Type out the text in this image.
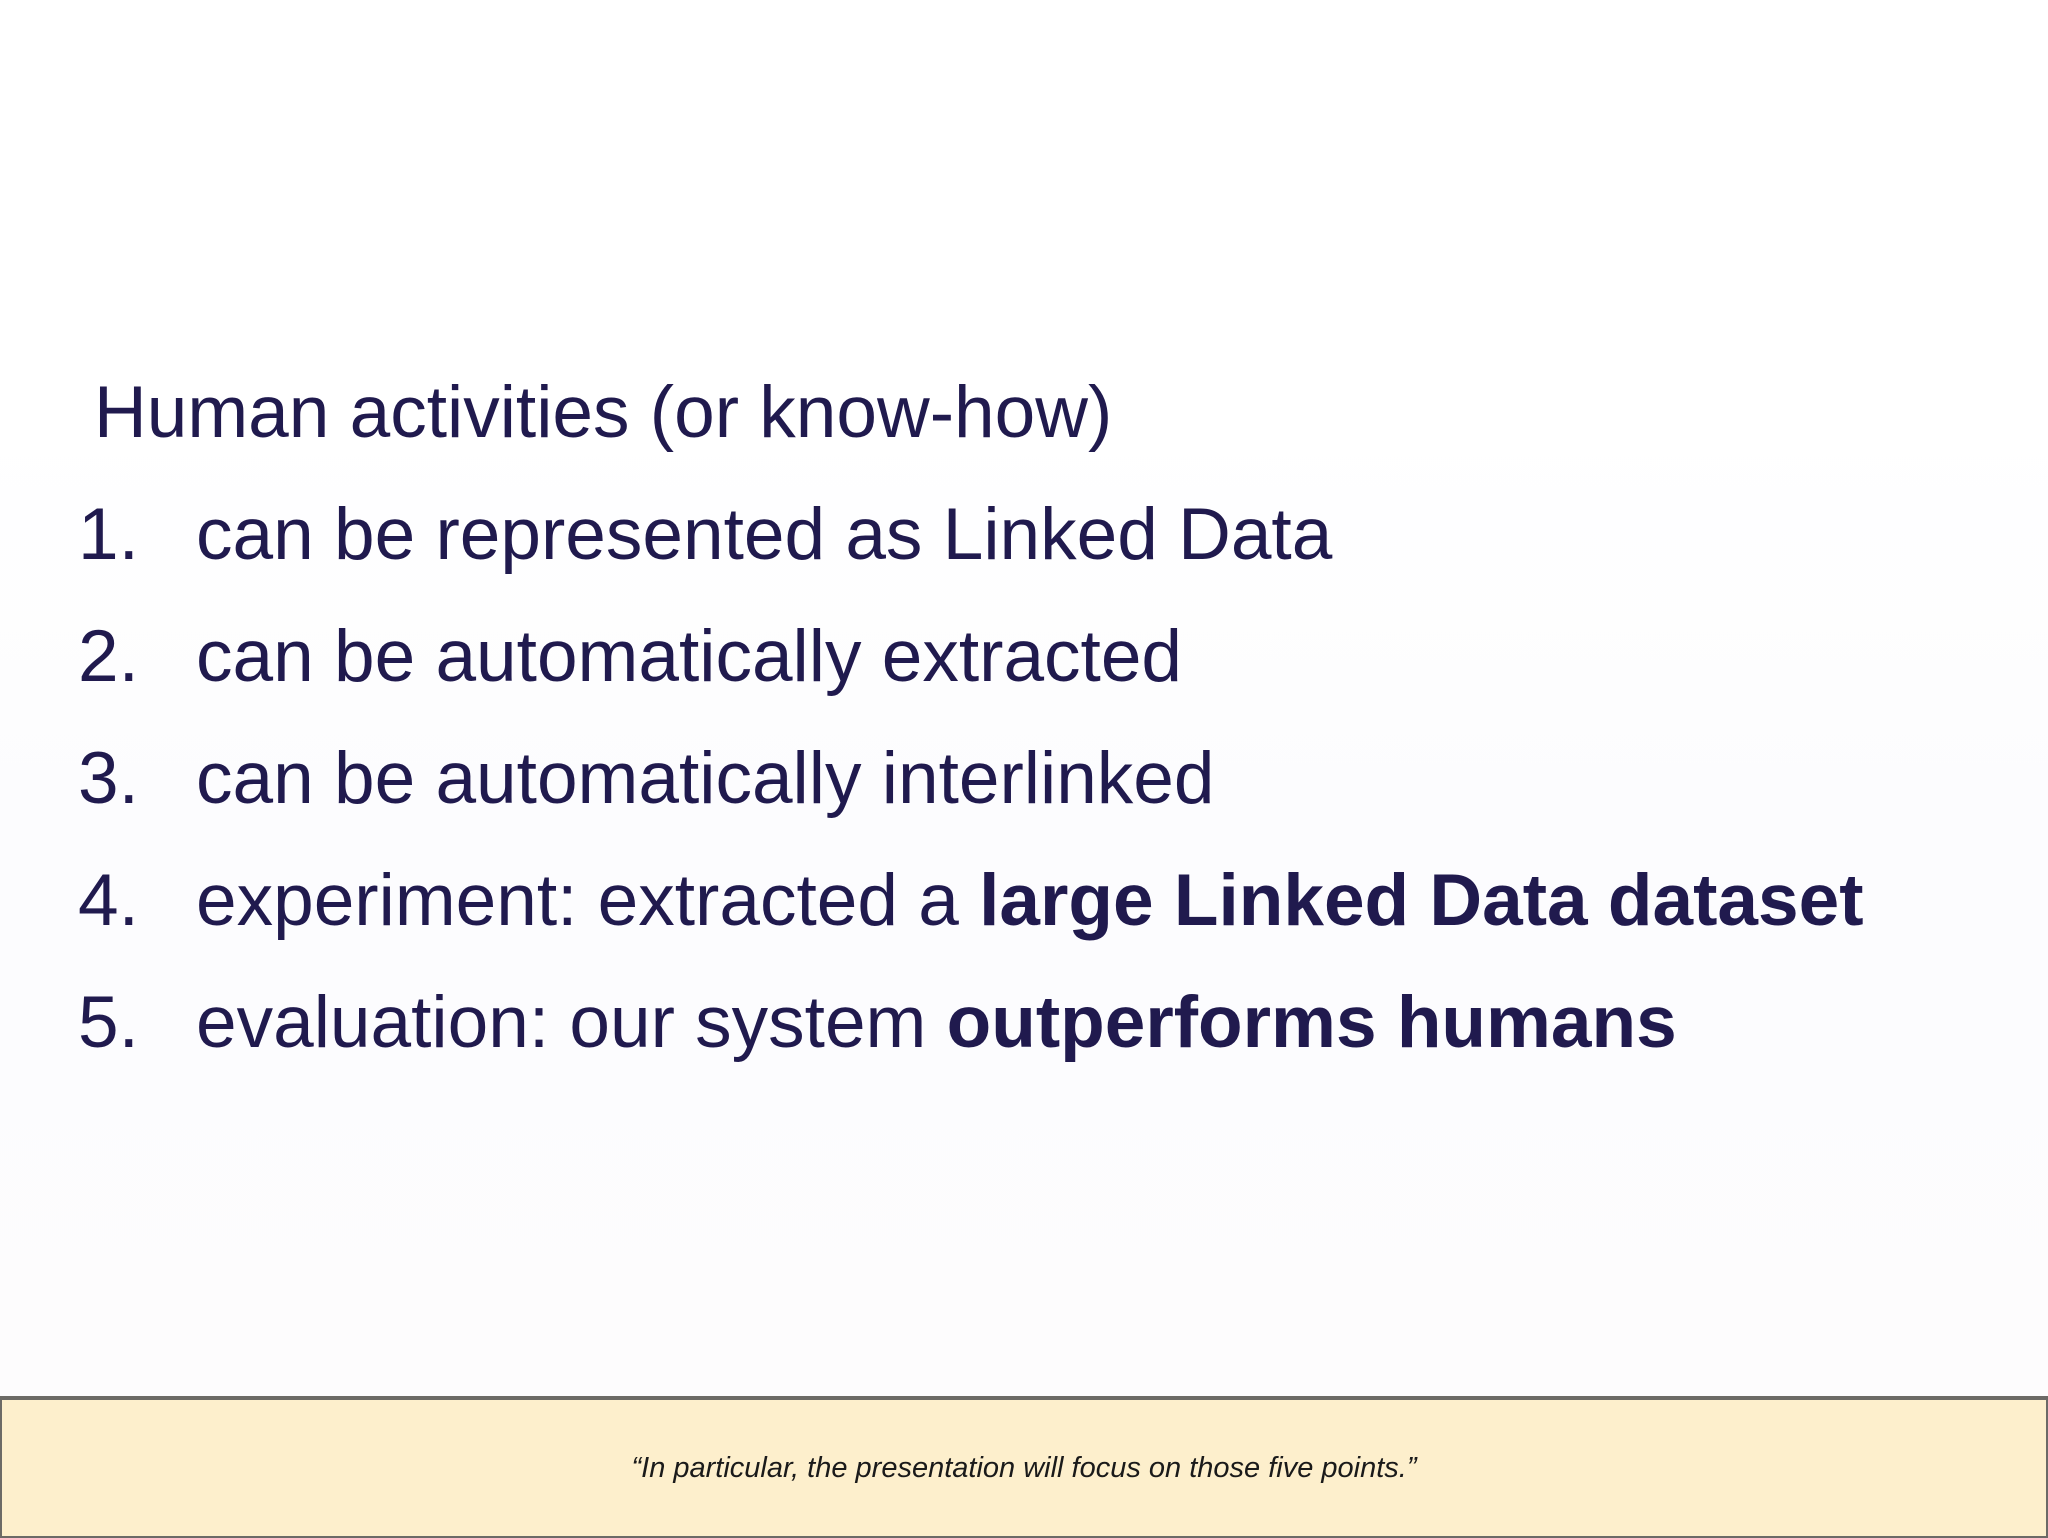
Human activities (or know-how)
1. can be represented as Linked Data
2. can be automatically extracted
3. can be automatically interlinked
4. experiment: extracted a large Linked Data dataset
5. evaluation: our system outperforms humans
“In particular, the presentation will focus on those five points.”
